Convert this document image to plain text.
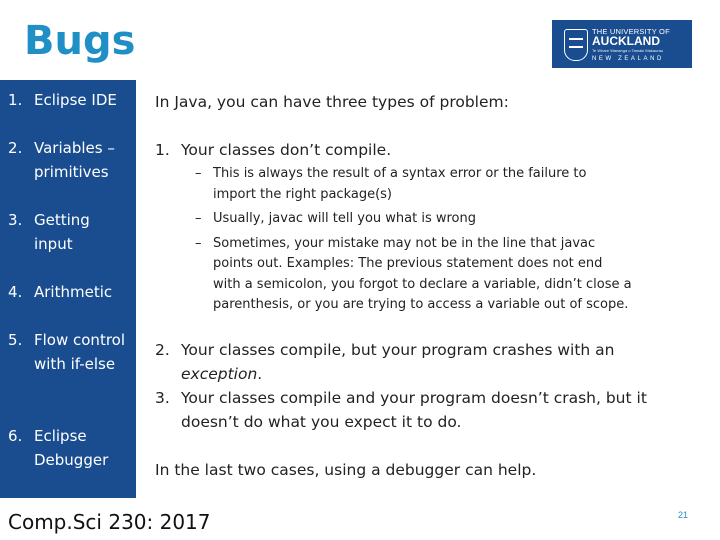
Bugs	THE UNIVERSITY OF
AUCKLAND
Te Whare Wananga o Tamaki Makaurau
NEW ZEALAND
1. Eclipse IDE
2. Variables – primitives
3. Getting input
4. Arithmetic
5. Flow control with if-else
6. Eclipse Debugger

In Java, you can have three types of problem:

1. Your classes don’t compile.

– This is always the result of a syntax error or the failure to import the right package(s)
– Usually, javac will tell you what is wrong
– Sometimes, your mistake may not be in the line that javac points out. Examples: The previous statement does not end with a semicolon, you forgot to declare a variable, didn’t close a parenthesis, or you are trying to access a variable out of scope.

2. Your classes compile, but your program crashes with an exception.

3. Your classes compile and your program doesn’t crash, but it doesn’t do what you expect it to do.

In the last two cases, using a debugger can help.

Comp.Sci 230: 2017	21
